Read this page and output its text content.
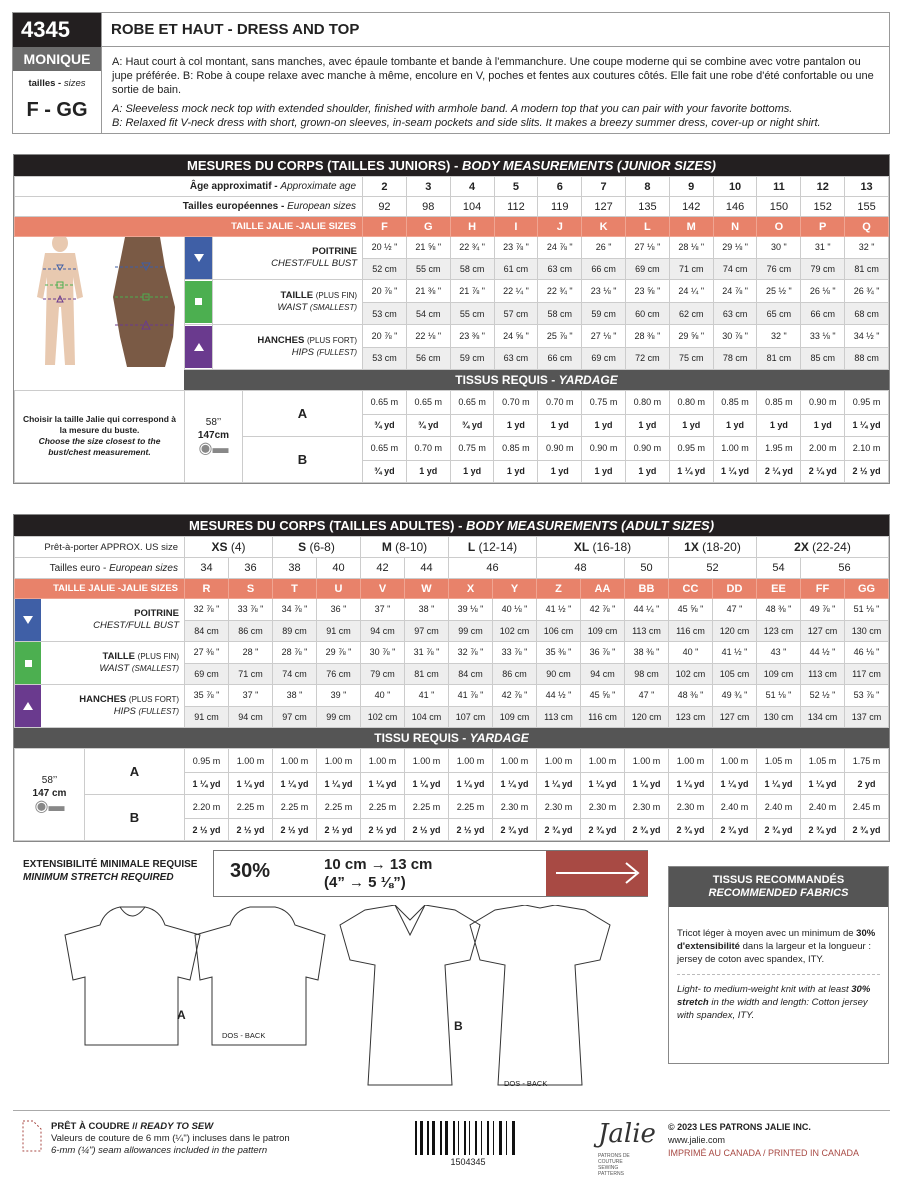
4345
MONIQUE
tailles - sizes
F - GG
ROBE ET HAUT - DRESS AND TOP

A: Haut court à col montant, sans manches, avec épaule tombante et bande à l'emmanchure. Une coupe moderne qui se combine avec votre pantalon ou jupe préférée. B: Robe à coupe relaxe avec manche à même, encolure en V, poches et fentes aux coutures côtés. Elle fait une robe d'été confortable ou une sortie de bain.

A: Sleeveless mock neck top with extended shoulder, finished with armhole band. A modern top that you can pair with your favorite bottoms.

B: Relaxed fit V-neck dress with short, grown-on sleeves, in-seam pockets and side slits. It makes a breezy summer dress, cover-up or night shirt.

MESURES DU CORPS (TAILLES JUNIORS) - BODY MEASUREMENTS (JUNIOR SIZES)
Âge approximatif - Approximate age			2	3	4	5	6	7	8	9	10	11	12	13
Tailles européennes - European sizes			92	98	104	112	119	127	135	142	146	150	152	155
TAILLE JALIE -JALIE SIZES			F	G	H	I	J	K	L	M	N	O	P	Q

	POITRINE
CHEST/FULL BUST	20 ½ "	21 ⅝ "	22 ¾ "	23 ⅞ "	24 ⅞ "	26 "	27 ⅛ "	28 ⅛ "	29 ⅛ "	30 "	31 "	32 "
			52 cm	55 cm	58 cm	61 cm	63 cm	66 cm	69 cm	71 cm	74 cm	76 cm	79 cm	81 cm

		TAILLE (PLUS FIN)
WAIST (SMALLEST)	20 ⅞ "	21 ⅜ "	21 ⅞ "	22 ¼ "	22 ¾ "	23 ⅛ "	23 ⅝ "	24 ¼ "	24 ⅞ "	25 ½ "	26 ⅛ "	26 ¾ "
			53 cm	54 cm	55 cm	57 cm	58 cm	59 cm	60 cm	62 cm	63 cm	65 cm	66 cm	68 cm

		HANCHES (PLUS FORT)
HIPS (FULLEST)	20 ⅞ "	22 ⅛ "	23 ⅜ "	24 ⅝ "	25 ⅞ "	27 ⅛ "	28 ⅜ "	29 ⅝ "	30 ⅞ "	32 "	33 ⅛ "	34 ½ "
			53 cm	56 cm	59 cm	63 cm	66 cm	69 cm	72 cm	75 cm	78 cm	81 cm	85 cm	88 cm
TISSUS REQUIS - YARDAGE
Choisir la taille Jalie qui correspond à la mesure du buste.
Choose the size closest to the bust/chest measurement.	58’’
147cm
◉▬	A	0.65 m	0.65 m	0.65 m	0.70 m	0.70 m	0.75 m	0.80 m	0.80 m	0.85 m	0.85 m	0.90 m	0.95 m
			¾ yd	¾ yd	¾ yd	1 yd	1 yd	1 yd	1 yd	1 yd	1 yd	1 yd	1 yd	1 ¼ yd
		B	0.65 m	0.70 m	0.75 m	0.85 m	0.90 m	0.90 m	0.90 m	0.95 m	1.00 m	1.95 m	2.00 m	2.10 m
			¾ yd	1 yd	1 yd	1 yd	1 yd	1 yd	1 yd	1 ¼ yd	1 ¼ yd	2 ¼ yd	2 ¼ yd	2 ½ yd
MESURES DU CORPS (TAILLES ADULTES) - BODY MEASUREMENTS (ADULT SIZES)
Prêt-à-porter APPROX. US size	XS (4)		S (6-8)		M (8-10)		L (12-14)		XL (16-18)			1X (18-20)		2X (22-24)		
Tailles euro - European sizes	34	36	38	40	42	44	46		48		50	52		54	56	
TAILLE JALIE -JALIE SIZES	R	S	T	U	V	W	X	Y	Z	AA	BB	CC	DD	EE	FF	GG

POITRINE
CHEST/FULL BUST	32 ⅞ "	33 ⅞ "	34 ⅞ "	36 "	37 "	38 "	39 ⅛ "	40 ⅛ "	41 ½ "	42 ⅞ "	44 ¼ "	45 ⅝ "	47 "	48 ⅜ "	49 ⅞ "	51 ⅛ "
	84 cm	86 cm	89 cm	91 cm	94 cm	97 cm	99 cm	102 cm	106 cm	109 cm	113 cm	116 cm	120 cm	123 cm	127 cm	130 cm

TAILLE (PLUS FIN)
WAIST (SMALLEST)	27 ⅜ "	28 "	28 ⅞ "	29 ⅞ "	30 ⅞ "	31 ⅞ "	32 ⅞ "	33 ⅞ "	35 ⅜ "	36 ⅞ "	38 ⅜ "	40 "	41 ½ "	43 "	44 ½ "	46 ⅛ "
	69 cm	71 cm	74 cm	76 cm	79 cm	81 cm	84 cm	86 cm	90 cm	94 cm	98 cm	102 cm	105 cm	109 cm	113 cm	117 cm

HANCHES (PLUS FORT)
HIPS (FULLEST)	35 ⅞ "	37 "	38 "	39 "	40 "	41 "	41 ⅞ "	42 ⅞ "	44 ½ "	45 ⅝ "	47 "	48 ⅜ "	49 ¾ "	51 ⅛ "	52 ½ "	53 ⅞ "
	91 cm	94 cm	97 cm	99 cm	102 cm	104 cm	107 cm	109 cm	113 cm	116 cm	120 cm	123 cm	127 cm	130 cm	134 cm	137 cm
TISSU REQUIS - YARDAGE
58’’
147 cm
◉▬	A	0.95 m	1.00 m	1.00 m	1.00 m	1.00 m	1.00 m	1.00 m	1.00 m	1.00 m	1.00 m	1.00 m	1.00 m	1.00 m	1.05 m	1.05 m	1.75 m
		1 ¼ yd	1 ¼ yd	1 ¼ yd	1 ¼ yd	1 ¼ yd	1 ¼ yd	1 ¼ yd	1 ¼ yd	1 ¼ yd	1 ¼ yd	1 ¼ yd	1 ¼ yd	1 ¼ yd	1 ¼ yd	1 ¼ yd	2 yd
	B	2.20 m	2.25 m	2.25 m	2.25 m	2.25 m	2.25 m	2.25 m	2.30 m	2.30 m	2.30 m	2.30 m	2.30 m	2.40 m	2.40 m	2.40 m	2.45 m
		2 ½ yd	2 ½ yd	2 ½ yd	2 ½ yd	2 ½ yd	2 ½ yd	2 ½ yd	2 ¾ yd	2 ¾ yd	2 ¾ yd	2 ¾ yd	2 ¾ yd	2 ¾ yd	2 ¾ yd	2 ¾ yd	2 ¾ yd
EXTENSIBILITÉ MINIMALE REQUISE
MINIMUM STRETCH REQUIRED	30%	10 cm → 13 cm
(4” → 5 ⅛”)	TISSUS RECOMMANDÉS
RECOMMENDED FABRICS
Tricot léger à moyen avec un minimum de 30% d'extensibilité dans la largeur et la longueur : jersey de coton avec spandex, ITY.
Light- to medium-weight knit with at least 30% stretch in the width and length: Cotton jersey with spandex, ITY.
A
DOS - BACK
B
DOS - BACK
PRÊT À COUDRE // READY TO SEW
Valeurs de couture de 6 mm (¼") incluses dans le patron
6-mm (¼") seam allowances included in the pattern
1504345
Jalie
PATRONS DE COUTURE SEWING PATTERNS
© 2023 LES PATRONS JALIE INC.
www.jalie.com
IMPRIMÉ AU CANADA / PRINTED IN CANADA
